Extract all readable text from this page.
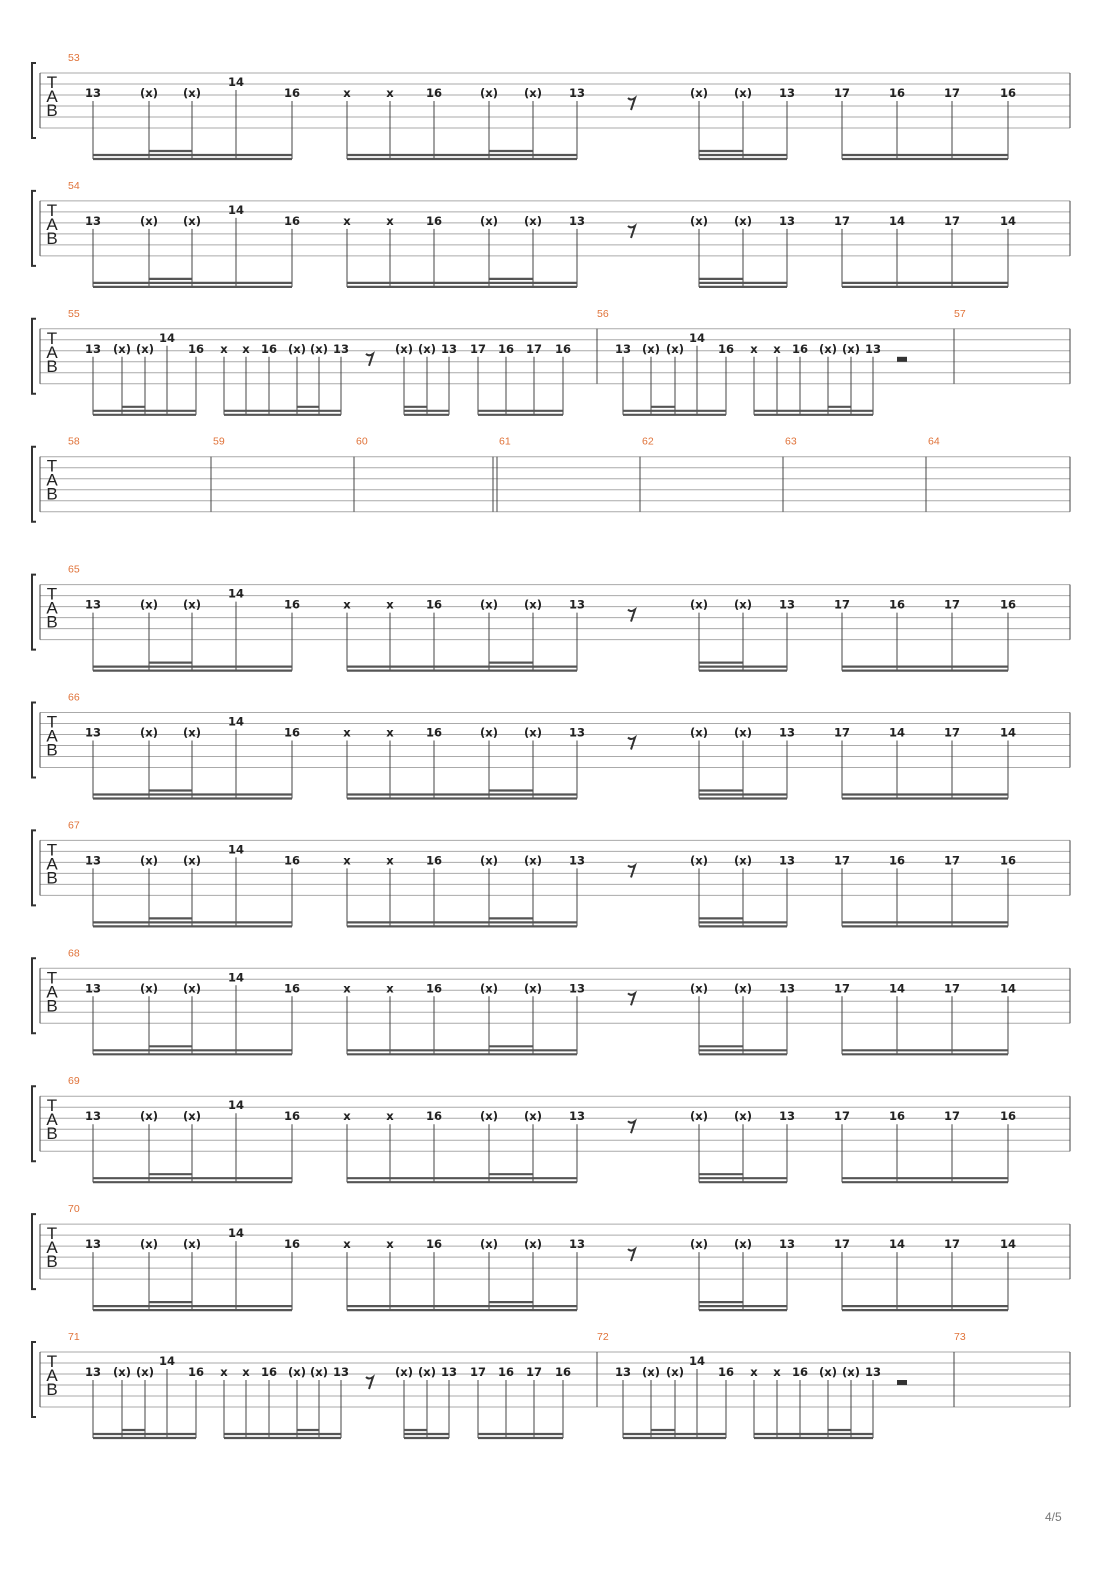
T
A
B
53
13	(x) (x)
14
16	x	x	16	(x) (x) 13	(x) (x) 13	17	16	17	16
T
A
B
54
13	(x) (x)
14
16	x	x	16	(x) (x) 13	(x) (x) 13	17	14	17	14
T
A
B
55
13 (x) (x)
14
16 x x 16 (x) (x) 13	(x) (x) 13 17 16 17 16
56
13 (x) (x)
14
16 x x 16 (x) (x) 13
57
T
A
B
58	59	60	61	62	63	64
T
A
B
65
13	(x) (x)
14
16	x	x	16	(x) (x) 13	(x) (x) 13	17	16	17	16
T
A
B
66
13	(x) (x)
14
16	x	x	16	(x) (x) 13	(x) (x) 13	17	14	17	14
T
A
B
67
13	(x) (x)
14
16	x	x	16	(x) (x) 13	(x) (x) 13	17	16	17	16
T
A
B
68
13	(x) (x)
14
16	x	x	16	(x) (x) 13	(x) (x) 13	17	14	17	14
T
A
B
69
13	(x) (x)
14
16	x	x	16	(x) (x) 13	(x) (x) 13	17	16	17	16
T
A
B
70
13	(x) (x)
14
16	x	x	16	(x) (x) 13	(x) (x) 13	17	14	17	14
T
A
B
71
13 (x) (x)
14
16 x x 16 (x) (x) 13	(x) (x) 13 17 16 17 16
72
13 (x) (x)
14
16 x x 16 (x) (x) 13
73
4/5
